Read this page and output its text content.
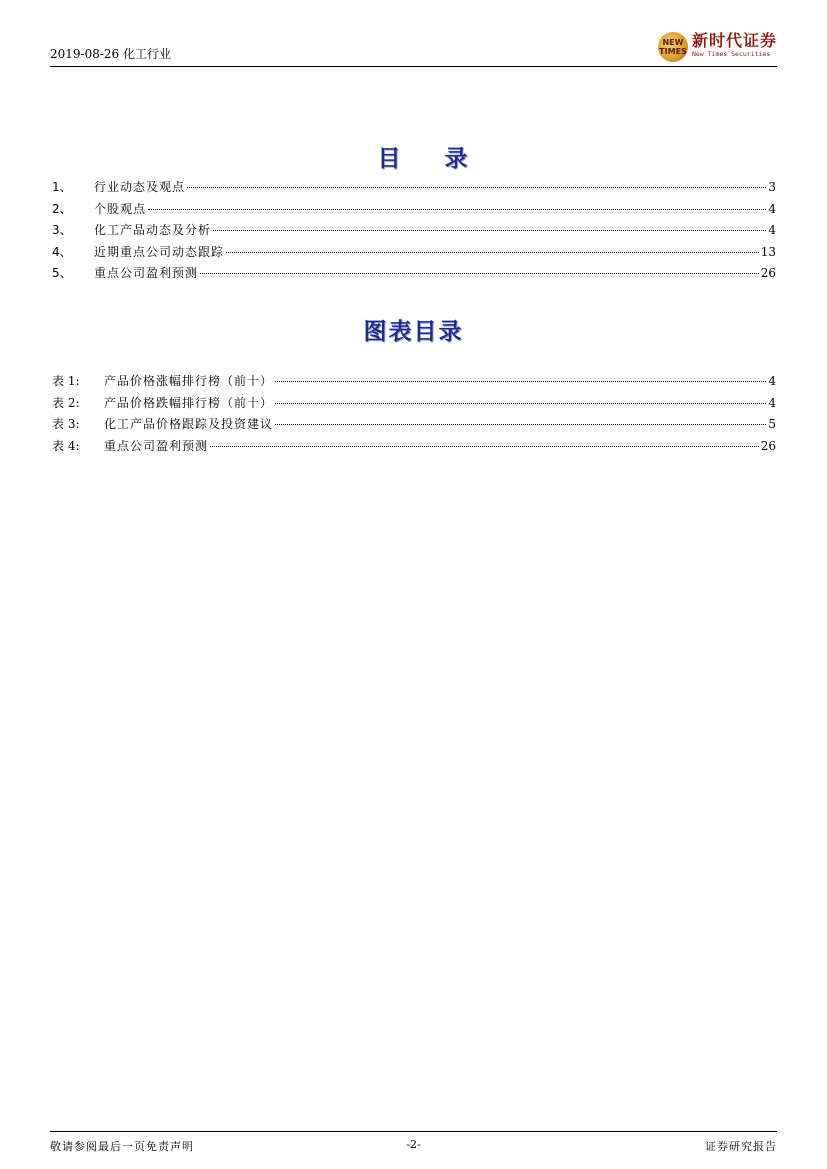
2019-08-26 化工行业
NEW
TIMES
新时代证券
New Times Securities
目 录
1、	行业动态及观点	3
2、	个股观点	4
3、	化工产品动态及分析	4
4、	近期重点公司动态跟踪	13
5、	重点公司盈利预测	26
图表目录
表 1:	产品价格涨幅排行榜（前十）	4
表 2:	产品价格跌幅排行榜（前十）	4
表 3:	化工产品价格跟踪及投资建议	5
表 4:	重点公司盈利预测	26
敬请参阅最后一页免责声明	-2-	证券研究报告
